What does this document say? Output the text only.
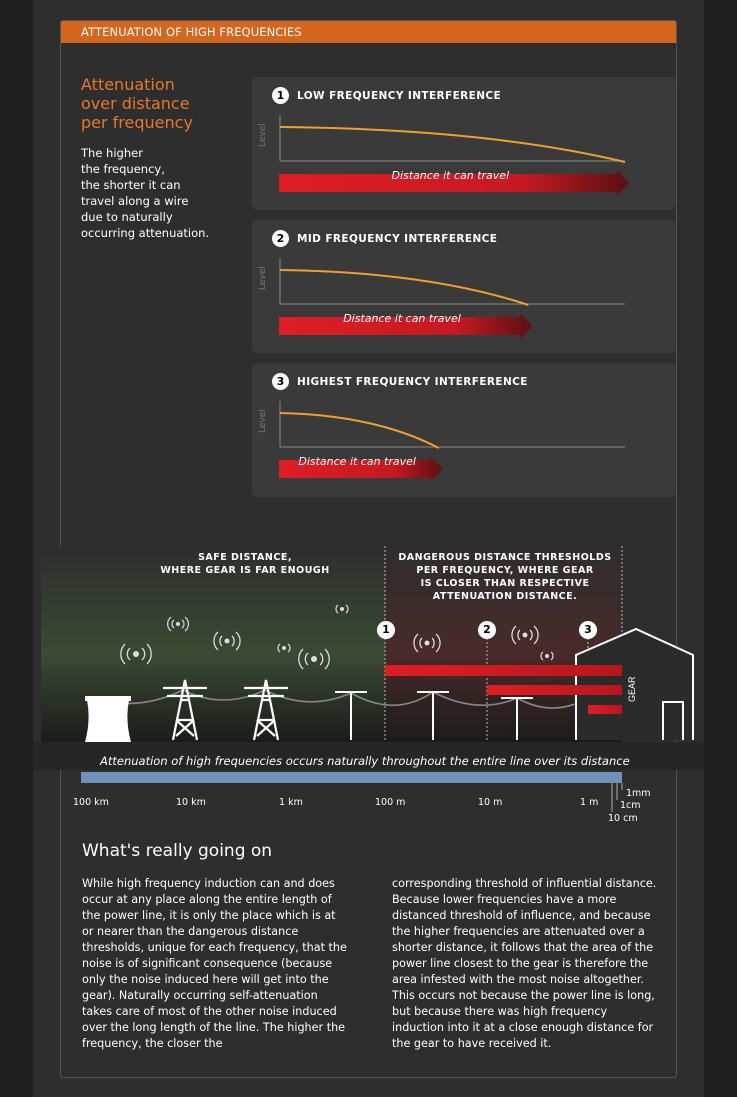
ATTENUATION OF HIGH FREQUENCIES
Attenuation
over distance
per frequency
The higher
the frequency,
the shorter it can
travel along a wire
due to naturally
occurring attenuation.
1	LOW FREQUENCY INTERFERENCE
Level
Distance it can travel
2	MID FREQUENCY INTERFERENCE
Level
Distance it can travel
3	HIGHEST FREQUENCY INTERFERENCE
Level
Distance it can travel
GEAR
SAFE DISTANCE,
WHERE GEAR IS FAR ENOUGH
DANGEROUS DISTANCE THRESHOLDS
PER FREQUENCY, WHERE GEAR
IS CLOSER THAN RESPECTIVE
ATTENUATION DISTANCE.
1	2	3
Attenuation of high frequencies occurs naturally throughout the entire line over its distance
100 km	10 km	1 km	100 m	10 m	1 m
1mm
1cm
10 cm
What's really going on
While high frequency induction can and does occur at any place along the entire length of the power line, it is only the place which is at or nearer than the dangerous distance thresholds, unique for each frequency, that the noise is of significant consequence (because only the noise induced here will get into the gear). Naturally occurring self-attenuation takes care of most of the other noise induced over the long length of the line. The higher the frequency, the closer the
corresponding threshold of influential distance. Because lower frequencies have a more distanced threshold of influence, and because the higher frequencies are attenuated over a shorter distance, it follows that the area of the power line closest to the gear is therefore the area infested with the most noise altogether. This occurs not because the power line is long, but because there was high frequency induction into it at a close enough distance for the gear to have received it.
